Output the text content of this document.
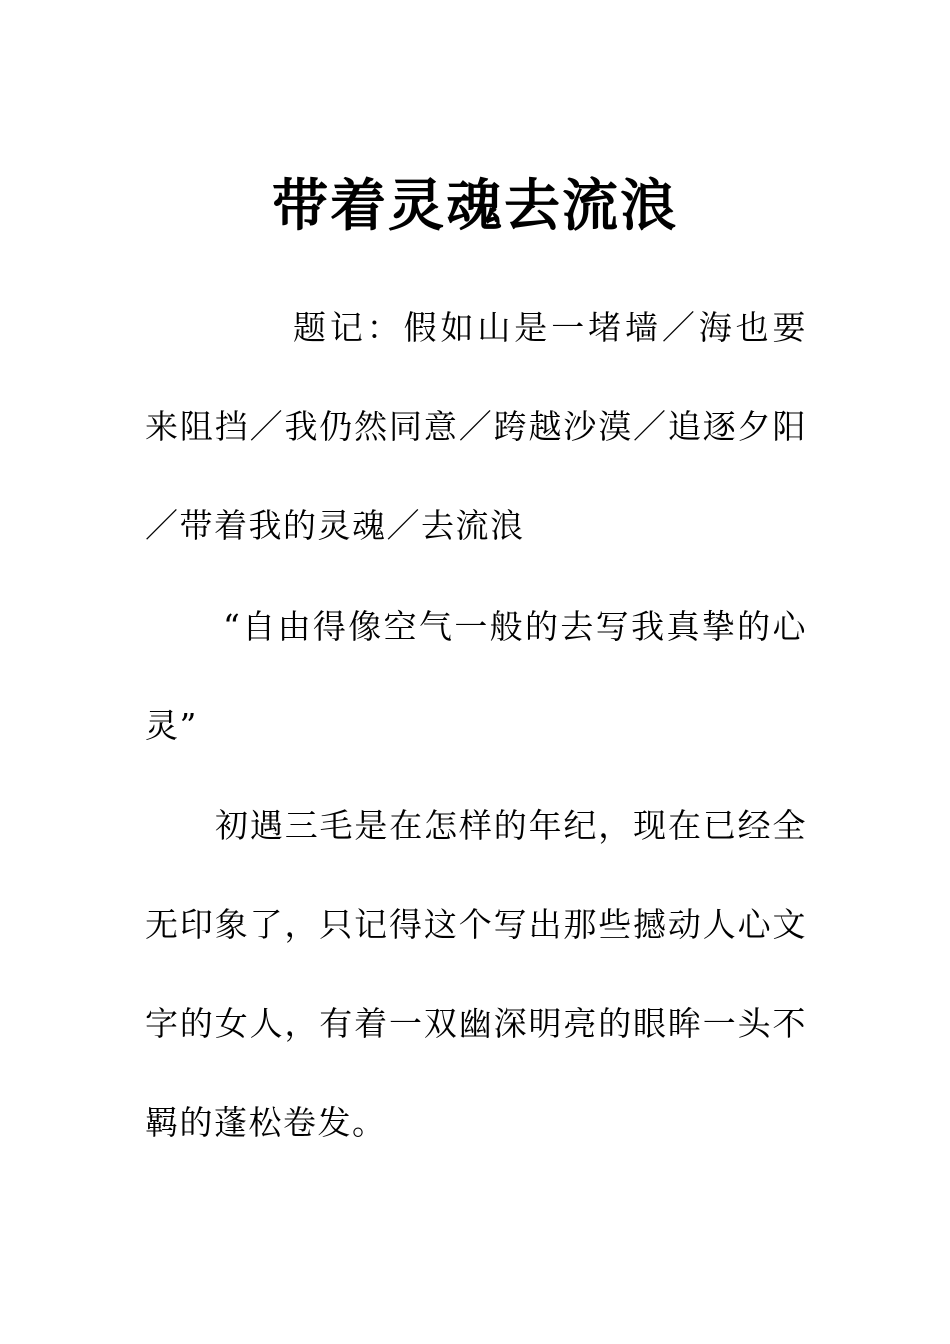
带着灵魂去流浪

题记：假如山是一堵墙／海也要来阻挡／我仍然同意／跨越沙漠／追逐夕阳／带着我的灵魂／去流浪

“自由得像空气一般的去写我真挚的心灵”

初遇三毛是在怎样的年纪，现在已经全无印象了，只记得这个写出那些撼动人心文字的女人，有着一双幽深明亮的眼眸一头不羁的蓬松卷发。
